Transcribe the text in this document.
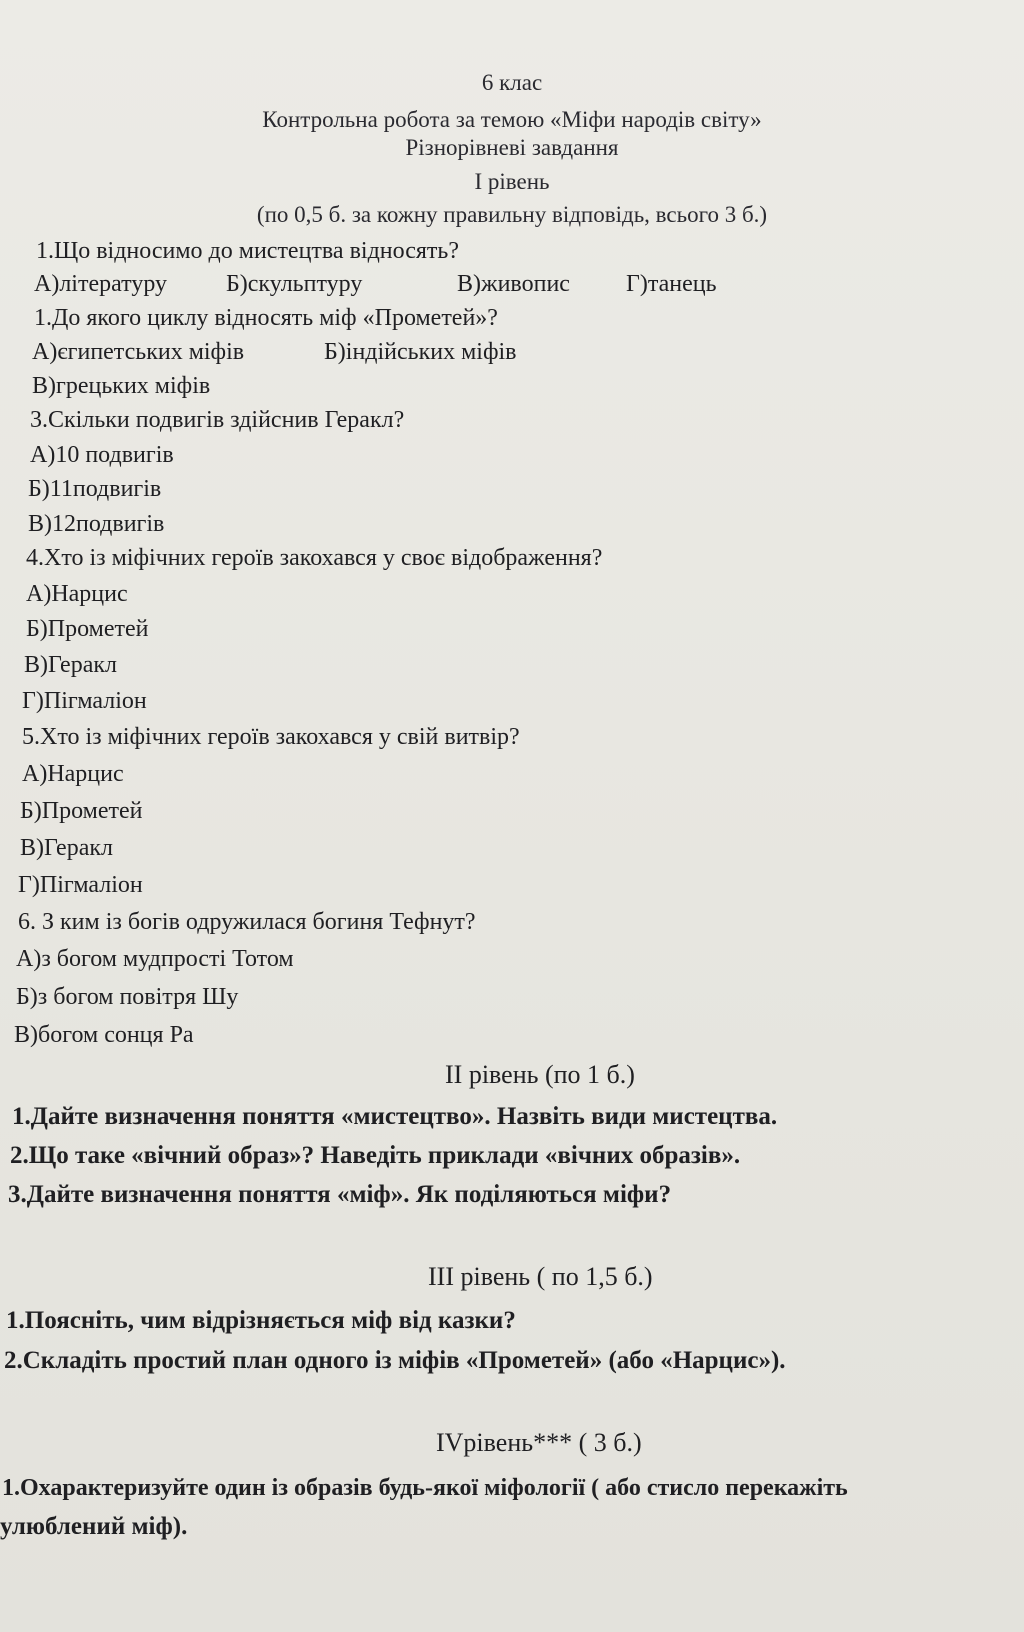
6 клас
Контрольна робота за темою «Міфи народів світу»
Різнорівневі завдання
І рівень
(по 0,5 б. за кожну правильну відповідь, всього 3 б.)
1.Що відносимо до мистецтва відносять?
А)літературу Б)скульптуру	В)живопис Г)танець
1.До якого циклу відносять міф «Прометей»?
А)єгипетських міфів	Б)індійських міфів
В)грецьких міфів
3.Скільки подвигів здійснив Геракл?
А)10 подвигів
Б)11подвигів
В)12подвигів
4.Хто із міфічних героїв закохався у своє відображення?
А)Нарцис
Б)Прометей
В)Геракл
Г)Пігмаліон
5.Хто із міфічних героїв закохався у свій витвір?
А)Нарцис
Б)Прометей
В)Геракл
Г)Пігмаліон
6. З ким із богів одружилася богиня Тефнут?
А)з богом мудпрості Тотом
Б)з богом повітря Шу
В)богом сонця Ра
ІІ рівень (по 1 б.)
1.Дайте визначення поняття «мистецтво». Назвіть види мистецтва.
2.Що таке «вічний образ»? Наведіть приклади «вічних образів».
3.Дайте визначення поняття «міф». Як поділяються міфи?
ІІІ рівень ( по 1,5 б.)
1.Поясніть, чим відрізняється міф від казки?
2.Складіть простий план одного із міфів «Прометей» (або «Нарцис»).
ІVрівень*** ( 3 б.)
1.Охарактеризуйте один із образів будь-якої міфології ( або стисло перекажіть
улюблений міф).
